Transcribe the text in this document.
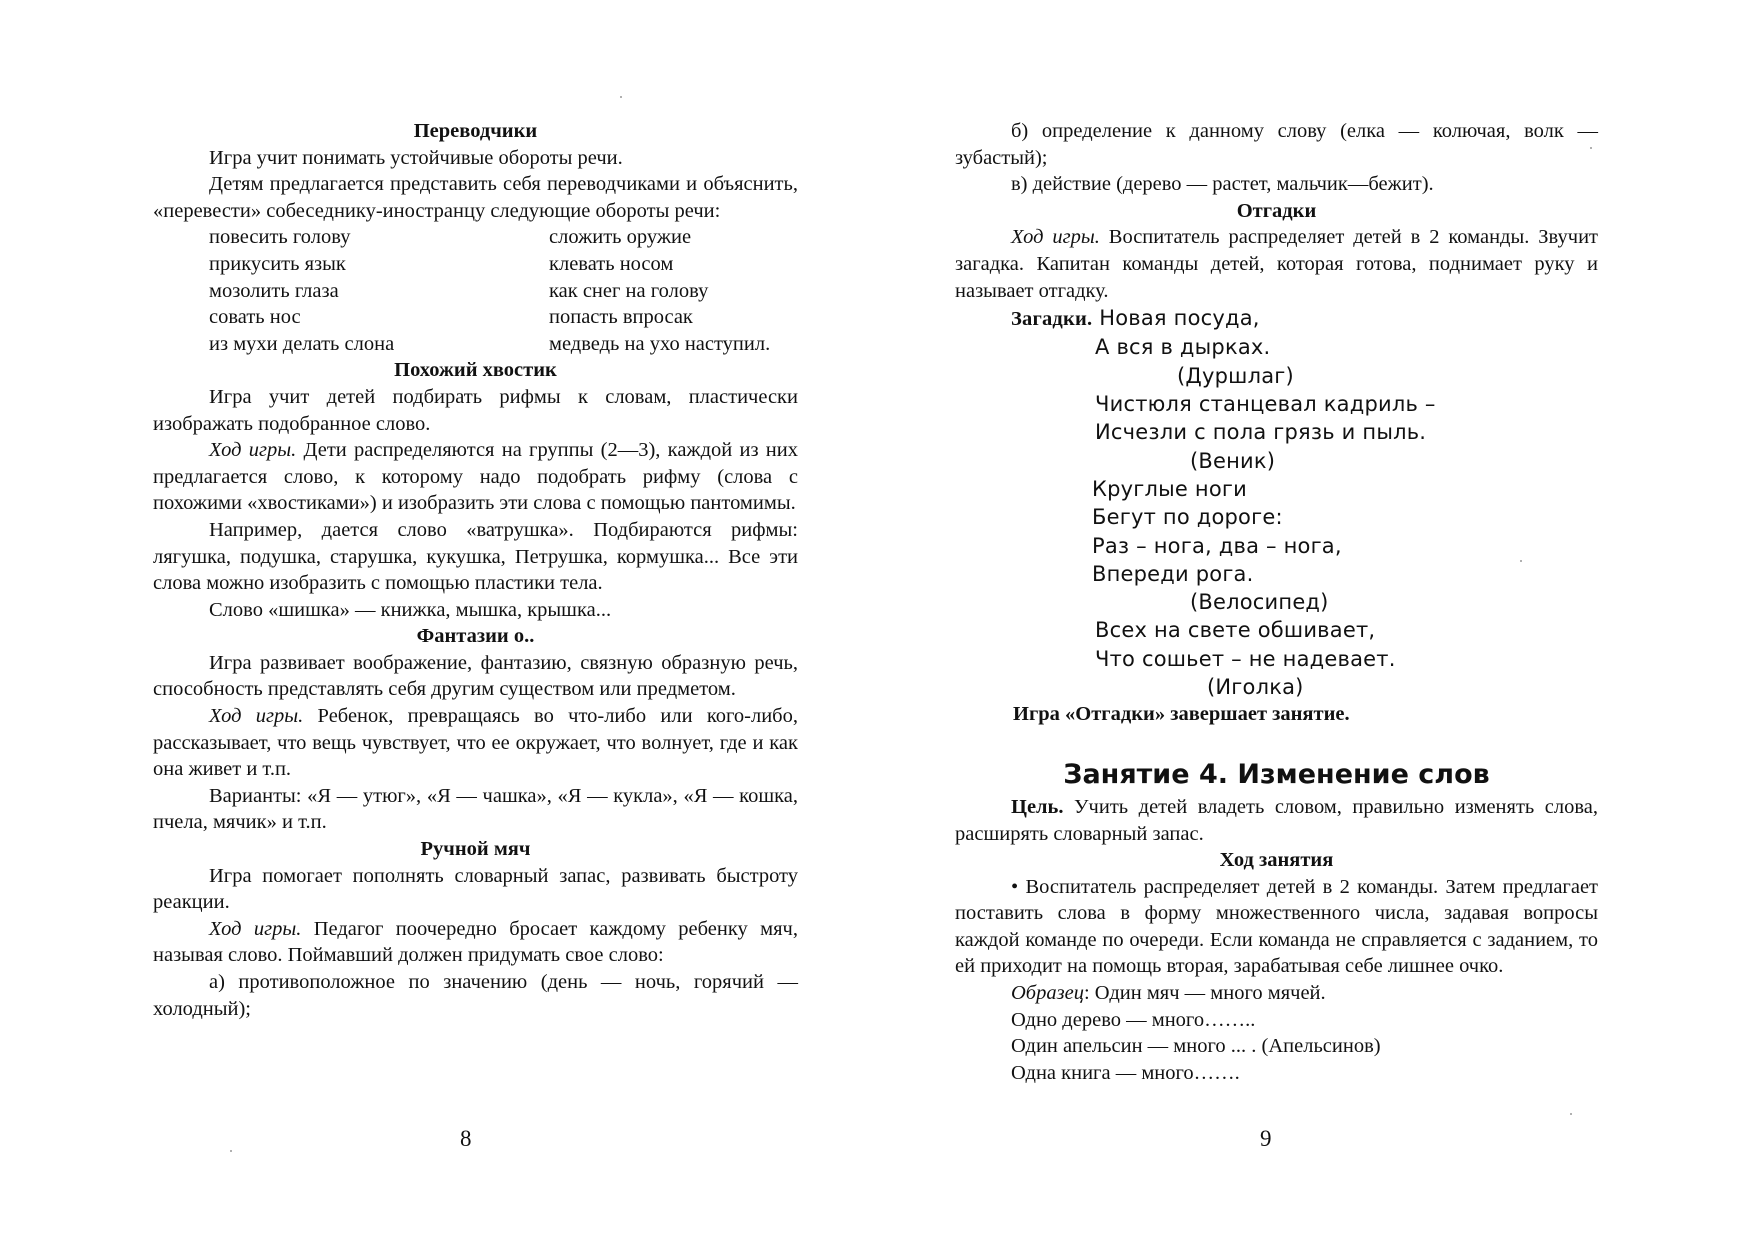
Переводчики

Игра учит понимать устойчивые обороты речи.

Детям предлагается представить себя переводчиками и объяснить, «перевести» собеседнику-иностранцу следующие обороты речи:

повесить голову	сложить оружие
прикусить язык	клевать носом
мозолить глаза	как снег на голову
совать нос	попасть впросак
из мухи делать слона	медведь на ухо наступил.

Похожий хвостик

Игра учит детей подбирать рифмы к словам, пластически изображать подобранное слово.

Ход игры. Дети распределяются на группы (2—3), каждой из них предлагается слово, к которому надо подобрать рифму (слова с похожими «хвостиками») и изобразить эти слова с помощью пантомимы.

Например, дается слово «ватрушка». Подбираются рифмы: лягушка, подушка, старушка, кукушка, Петрушка, кормушка... Все эти слова можно изобразить с помощью пластики тела.

Слово «шишка» — книжка, мышка, крышка...

Фантазии о..

Игра развивает воображение, фантазию, связную образную речь, способность представлять себя другим существом или предметом.

Ход игры. Ребенок, превращаясь во что-либо или кого-либо, рассказывает, что вещь чувствует, что ее окружает, что волнует, где и как она живет и т.п.

Варианты: «Я — утюг», «Я — чашка», «Я — кукла», «Я — кошка, пчела, мячик» и т.п.

Ручной мяч

Игра помогает пополнять словарный запас, развивать быстроту реакции.

Ход игры. Педагог поочередно бросает каждому ребенку мяч, называя слово. Поймавший должен придумать свое слово:

а) противоположное по значению (день — ночь, горячий — холодный);

8

б) определение к данному слову (елка — колючая, волк — зубастый);

в) действие (дерево — растет, мальчик—бежит).

Отгадки

Ход игры. Воспитатель распределяет детей в 2 команды. Звучит загадка. Капитан команды детей, которая готова, поднимает руку и называет отгадку.

Загадки. Новая посуда,
А вся в дырках.
(Дуршлаг)
Чистюля станцевал кадриль –
Исчезли с пола грязь и пыль.
(Веник)
Круглые ноги
Бегут по дороге:
Раз – нога, два – нога,
Впереди рога.
(Велосипед)
Всех на свете обшивает,
Что сошьет – не надевает.
(Иголка)

Игра «Отгадки» завершает занятие.

Занятие 4. Изменение слов

Цель. Учить детей владеть словом, правильно изменять слова, расширять словарный запас.

Ход занятия

• Воспитатель распределяет детей в 2 команды. Затем предлагает поставить слова в форму множественного числа, задавая вопросы каждой команде по очереди. Если команда не справляется с заданием, то ей приходит на помощь вторая, зарабатывая себе лишнее очко.

Образец: Один мяч — много мячей.

Одно дерево — много……..

Один апельсин — много ... . (Апельсинов)

Одна книга — много…….

9
